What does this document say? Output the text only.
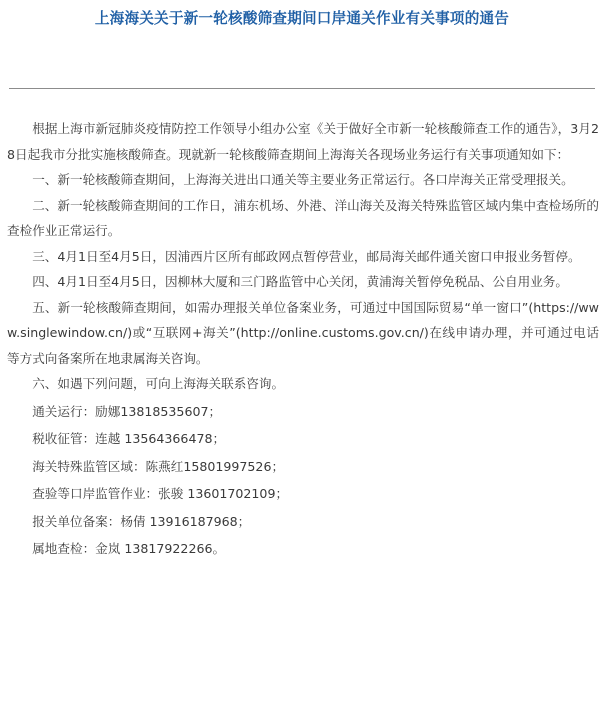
上海海关关于新一轮核酸筛查期间口岸通关作业有关事项的通告

根据上海市新冠肺炎疫情防控工作领导小组办公室《关于做好全市新一轮核酸筛查工作的通告》，3月28日起我市分批实施核酸筛查。现就新一轮核酸筛查期间上海海关各现场业务运行有关事项通知如下：

一、新一轮核酸筛查期间，上海海关进出口通关等主要业务正常运行。各口岸海关正常受理报关。

二、新一轮核酸筛查期间的工作日，浦东机场、外港、洋山海关及海关特殊监管区域内集中查检场所的查检作业正常运行。

三、4月1日至4月5日，因浦西片区所有邮政网点暂停营业，邮局海关邮件通关窗口申报业务暂停。

四、4月1日至4月5日，因柳林大厦和三门路监管中心关闭，黄浦海关暂停免税品、公自用业务。

五、新一轮核酸筛查期间，如需办理报关单位备案业务，可通过中国国际贸易“单一窗口”(https://www.singlewindow.cn/)或“互联网+海关”(http://online.customs.gov.cn/)在线申请办理，并可通过电话等方式向备案所在地隶属海关咨询。

六、如遇下列问题，可向上海海关联系咨询。

通关运行：励娜13818535607；

税收征管：连越 13564366478；

海关特殊监管区域：陈燕红15801997526；

查验等口岸监管作业：张骏 13601702109；

报关单位备案：杨倩 13916187968；

属地查检：金岚 13817922266。
